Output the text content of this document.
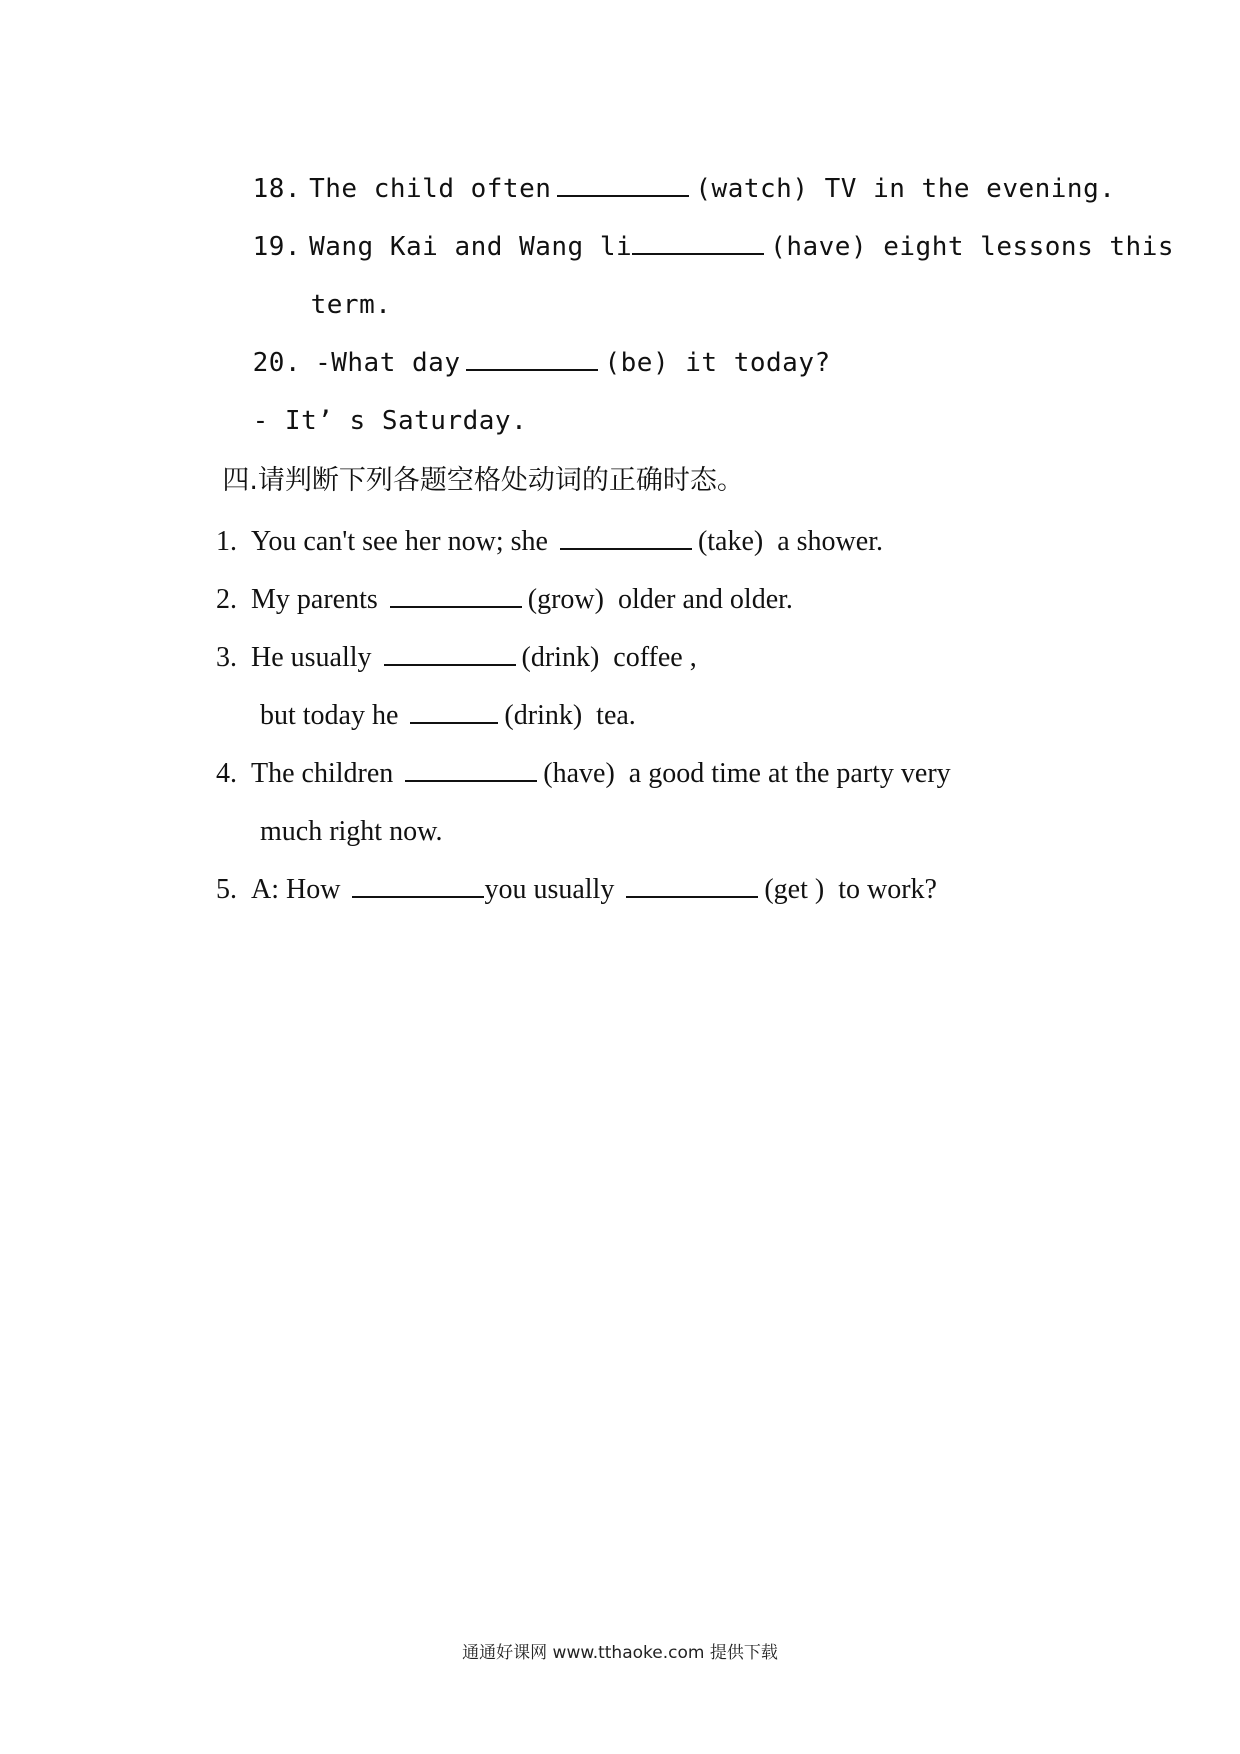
18. The child often	(watch) TV in the evening.

19. Wang Kai and Wang li	(have) eight lessons this

term.

20. -What day	(be) it today?

- It’ s Saturday.

四.请判断下列各题空格处动词的正确时态。

1. You can't see her now; she	(take)  a shower.

2. My parents	(grow)  older and older.

3. He usually	(drink)  coffee ,

but today he	(drink)  tea.

4. The children	(have)  a good time at the party very

much right now.

5. A: How	you usually	(get )  to work?

通通好课网 www.tthaoke.com 提供下载
